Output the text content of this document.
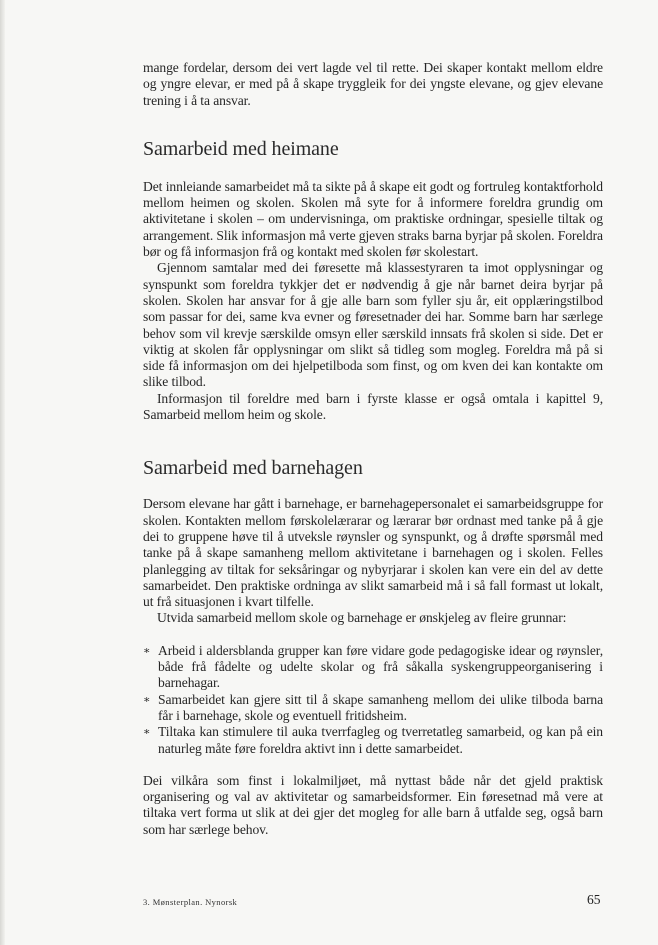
mange fordelar, dersom dei vert lagde vel til rette. Dei skaper kontakt mellom eldre og yngre elevar, er med på å skape tryggleik for dei yngste elevane, og gjev elevane trening i å ta ansvar.

Samarbeid med heimane

Det innleiande samarbeidet må ta sikte på å skape eit godt og fortruleg kontaktforhold mellom heimen og skolen. Skolen må syte for å informere foreldra grundig om aktivitetane i skolen – om undervisninga, om praktiske ordningar, spesielle tiltak og arrangement. Slik informasjon må verte gjeven straks barna byrjar på skolen. Foreldra bør og få informasjon frå og kontakt med skolen før skolestart.

Gjennom samtalar med dei føresette må klassestyraren ta imot opplysningar og synspunkt som foreldra tykkjer det er nødvendig å gje når barnet deira byrjar på skolen. Skolen har ansvar for å gje alle barn som fyller sju år, eit opplæringstilbod som passar for dei, same kva evner og føresetnader dei har. Somme barn har særlege behov som vil krevje særskilde omsyn eller særskild innsats frå skolen si side. Det er viktig at skolen får opplysningar om slikt så tidleg som mogleg. Foreldra må på si side få informasjon om dei hjelpetilboda som finst, og om kven dei kan kontakte om slike tilbod.

Informasjon til foreldre med barn i fyrste klasse er også omtala i kapittel 9, Samarbeid mellom heim og skole.

Samarbeid med barnehagen

Dersom elevane har gått i barnehage, er barnehagepersonalet ei samarbeidsgruppe for skolen. Kontakten mellom førskolelærarar og lærarar bør ordnast med tanke på å gje dei to gruppene høve til å utveksle røynsler og synspunkt, og å drøfte spørsmål med tanke på å skape samanheng mellom aktivitetane i barnehagen og i skolen. Felles planlegging av tiltak for seksåringar og nybyrjarar i skolen kan vere ein del av dette samarbeidet. Den praktiske ordninga av slikt samarbeid må i så fall formast ut lokalt, ut frå situasjonen i kvart tilfelle.

Utvida samarbeid mellom skole og barnehage er ønskjeleg av fleire grunnar:

∗ Arbeid i aldersblanda grupper kan føre vidare gode pedagogiske idear og røynsler, både frå fådelte og udelte skolar og frå såkalla syskengruppeorganisering i barnehagar.
∗ Samarbeidet kan gjere sitt til å skape samanheng mellom dei ulike tilboda barna får i barnehage, skole og eventuell fritidsheim.
∗ Tiltaka kan stimulere til auka tverrfagleg og tverretatleg samarbeid, og kan på ein naturleg måte føre foreldra aktivt inn i dette samarbeidet.

Dei vilkåra som finst i lokalmiljøet, må nyttast både når det gjeld praktisk organisering og val av aktivitetar og samarbeidsformer. Ein føresetnad må vere at tiltaka vert forma ut slik at dei gjer det mogleg for alle barn å utfalde seg, også barn som har særlege behov.

3. Mønsterplan. Nynorsk	65
